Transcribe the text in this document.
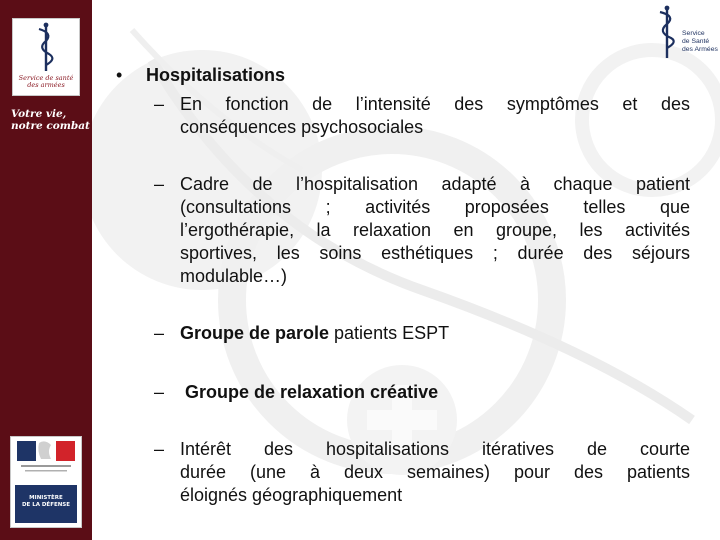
Service de santé
des armées
Votre vie,
notre combat
MINISTÈRE
DE LA DÉFENSE
Service
de Santé
des Armées
• Hospitalisations
– En fonction de l’intensité des symptômes et des
conséquences psychosociales
– Cadre de l’hospitalisation adapté à chaque patient
(consultations ; activités proposées telles que
l’ergothérapie, la relaxation en groupe, les activités
sportives, les soins esthétiques ; durée des séjours
modulable…)
– Groupe de parole patients ESPT
– Groupe de relaxation créative
– Intérêt des hospitalisations itératives de courte
durée (une à deux semaines) pour des patients
éloignés géographiquement
